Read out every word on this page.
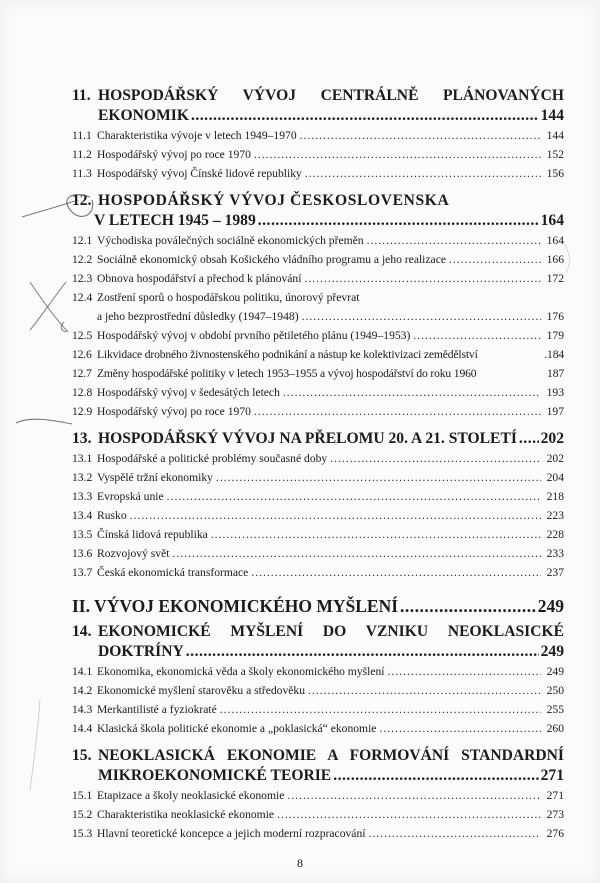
11. HOSPODÁŘSKÝ VÝVOJ CENTRÁLNĚ PLÁNOVANÝCH
EKONOMIK .....	144
11.1 Charakteristika vývoje v letech 1949–1970 .....	144
11.2 Hospodářský vývoj po roce 1970 .....	152
11.3 Hospodářský vývoj Čínské lidové republiky .....	156
12. HOSPODÁŘSKÝ VÝVOJ ČESKOSLOVENSKA
V LETECH 1945 – 1989 .....	164
12.1 Východiska poválečných sociálně ekonomických přeměn .....	164
12.2 Sociálně ekonomický obsah Košického vládního programu a jeho realizace .....	166
12.3 Obnova hospodářství a přechod k plánování .....	172
12.4 Zostření sporů o hospodářskou politiku, únorový převrat
a jeho bezprostřední důsledky (1947–1948) .....	176
12.5 Hospodářský vývoj v období prvního pětiletého plánu (1949–1953) .....	179
12.6 Likvidace drobného živnostenského podnikání a nástup ke kolektivizaci zemědělství	.184
12.7 Změny hospodářské politiky v letech 1953–1955 a vývoj hospodářství do roku 1960	187
12.8 Hospodářský vývoj v šedesátých letech .....	193
12.9 Hospodářský vývoj po roce 1970 .....	197
13. HOSPODÁŘSKÝ VÝVOJ NA PŘELOMU 20. A 21. STOLETÍ ..... 202
13.1 Hospodářské a politické problémy současné doby .....	202
13.2 Vyspělé tržní ekonomiky .....	204
13.3 Evropská unie .....	218
13.4 Rusko .....	223
13.5 Čínská lidová republika .....	228
13.6 Rozvojový svět .....	233
13.7 Česká ekonomická transformace .....	237
II. VÝVOJ EKONOMICKÉHO MYŠLENÍ .....	249
14. EKONOMICKÉ MYŠLENÍ DO VZNIKU NEOKLASICKÉ
DOKTRÍNY .....	249
14.1 Ekonomika, ekonomická věda a školy ekonomického myšlení .....	249
14.2 Ekonomické myšlení starověku a středověku .....	250
14.3 Merkantilisté a fyziokraté .....	255
14.4 Klasická škola politické ekonomie a „poklasická“ ekonomie .....	260
15. NEOKLASICKÁ EKONOMIE A FORMOVÁNÍ STANDARDNÍ
MIKROEKONOMICKÉ TEORIE .....	271
15.1 Etapizace a školy neoklasické ekonomie .....	271
15.2 Charakteristika neoklasické ekonomie .....	273
15.3 Hlavní teoretické koncepce a jejich moderní rozpracování .....	276
8
